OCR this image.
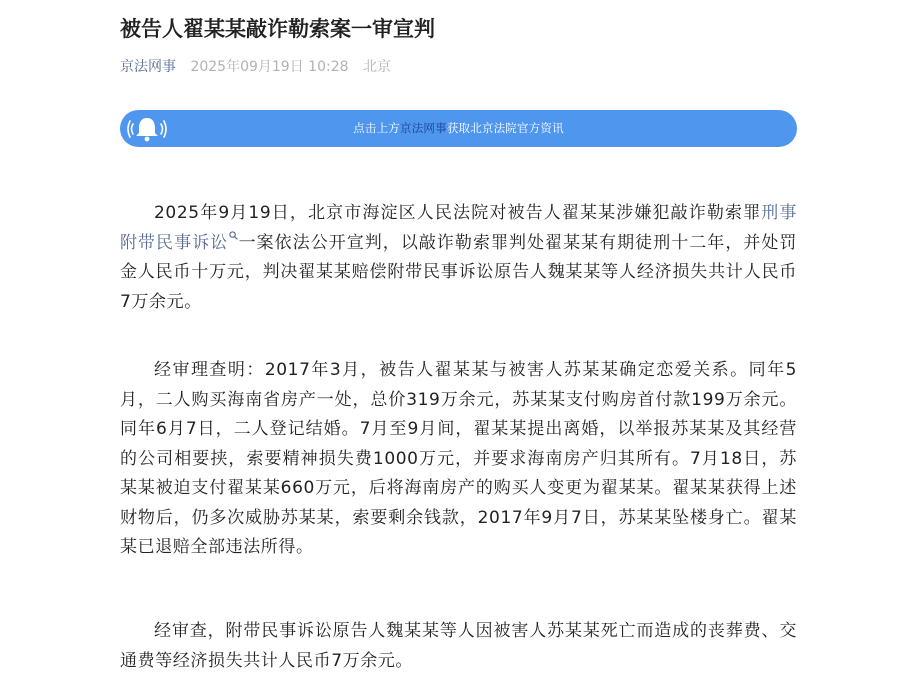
被告人翟某某敲诈勒索案一审宣判
京法网事 2025年09月19日 10:28 北京
点击上方京法网事获取北京法院官方资讯

2025年9月19日，北京市海淀区人民法院对被告人翟某某涉嫌犯敲诈勒索罪刑事附带民事诉讼 一案依法公开宣判，以敲诈勒索罪判处翟某某有期徒刑十二年，并处罚金人民币十万元，判决翟某某赔偿附带民事诉讼原告人魏某某等人经济损失共计人民币7万余元。

经审理查明：2017年3月，被告人翟某某与被害人苏某某确定恋爱关系。同年5月，二人购买海南省房产一处，总价319万余元，苏某某支付购房首付款199万余元。同年6月7日，二人登记结婚。7月至9月间，翟某某提出离婚，以举报苏某某及其经营的公司相要挟，索要精神损失费1000万元，并要求海南房产归其所有。7月18日，苏某某被迫支付翟某某660万元，后将海南房产的购买人变更为翟某某。翟某某获得上述财物后，仍多次威胁苏某某，索要剩余钱款，2017年9月7日，苏某某坠楼身亡。翟某某已退赔全部违法所得。

经审查，附带民事诉讼原告人魏某某等人因被害人苏某某死亡而造成的丧葬费、交通费等经济损失共计人民币7万余元。
